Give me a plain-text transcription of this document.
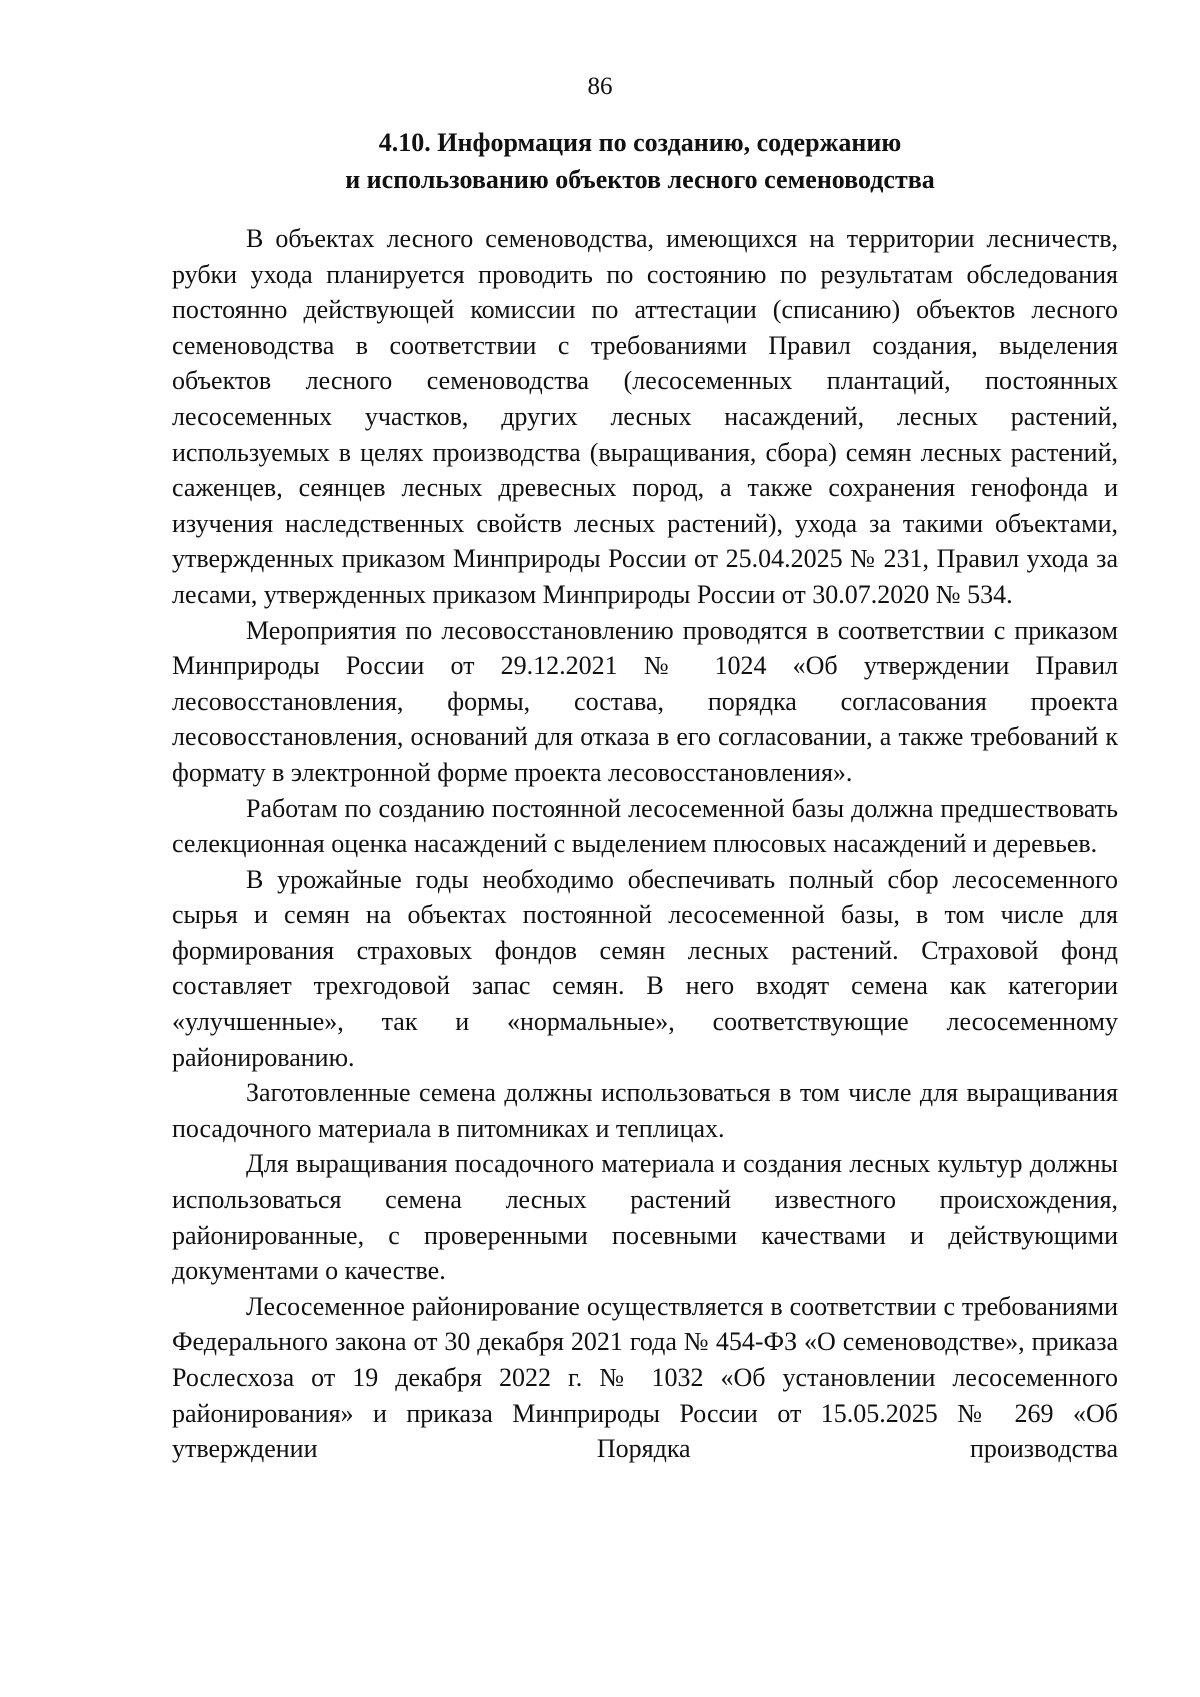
86
4.10. Информация по созданию, содержанию
и использованию объектов лесного семеноводства

В объектах лесного семеноводства, имеющихся на территории лесничеств, рубки ухода планируется проводить по состоянию по результатам обследования постоянно действующей комиссии по аттестации (списанию) объектов лесного семеноводства в соответствии с требованиями Правил создания, выделения объектов лесного семеноводства (лесосеменных плантаций, постоянных лесосеменных участков, других лесных насаждений, лесных растений, используемых в целях производства (выращивания, сбора) семян лесных растений, саженцев, сеянцев лесных древесных пород, а также сохранения генофонда и изучения наследственных свойств лесных растений), ухода за такими объектами, утвержденных приказом Минприроды России от 25.04.2025 № 231, Правил ухода за лесами, утвержденных приказом Минприроды России от 30.07.2020 № 534.

Мероприятия по лесовосстановлению проводятся в соответствии с приказом Минприроды России от 29.12.2021 № 1024 «Об утверждении Правил лесовосстановления, формы, состава, порядка согласования проекта лесовосстановления, оснований для отказа в его согласовании, а также требований к формату в электронной форме проекта лесовосстановления».

Работам по созданию постоянной лесосеменной базы должна предшествовать селекционная оценка насаждений с выделением плюсовых насаждений и деревьев.

В урожайные годы необходимо обеспечивать полный сбор лесосеменного сырья и семян на объектах постоянной лесосеменной базы, в том числе для формирования страховых фондов семян лесных растений. Страховой фонд составляет трехгодовой запас семян. В него входят семена как категории «улучшенные», так и «нормальные», соответствующие лесосеменному районированию.

Заготовленные семена должны использоваться в том числе для выращивания посадочного материала в питомниках и теплицах.

Для выращивания посадочного материала и создания лесных культур должны использоваться семена лесных растений известного происхождения, районированные, с проверенными посевными качествами и действующими документами о качестве.

Лесосеменное районирование осуществляется в соответствии с требованиями Федерального закона от 30 декабря 2021 года № 454-ФЗ «О семеноводстве», приказа Рослесхоза от 19 декабря 2022 г. № 1032 «Об установлении лесосеменного районирования» и приказа Минприроды России от 15.05.2025 № 269 «Об утверждении Порядка производства
